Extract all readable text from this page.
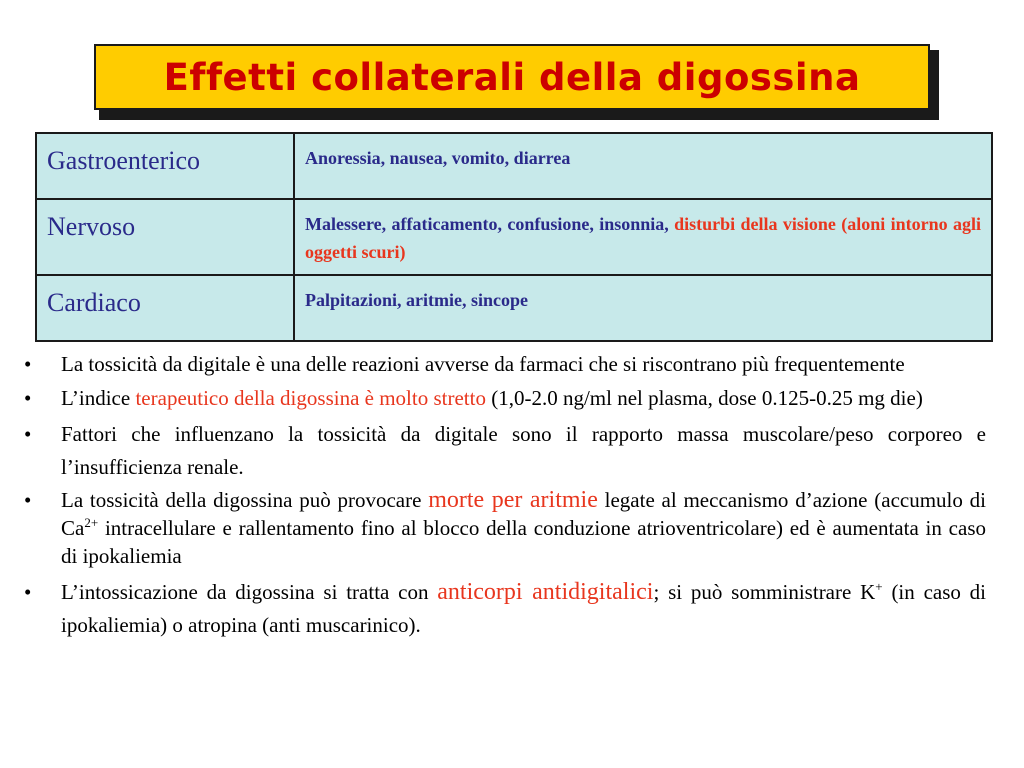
Effetti collaterali della digossina
Gastroenterico	Anoressia, nausea, vomito, diarrea
Nervoso	Malessere, affaticamento, confusione, insonnia, disturbi della visione (aloni intorno agli oggetti scuri)
Cardiaco	Palpitazioni, aritmie, sincope
• La tossicità da digitale è una delle reazioni avverse da farmaci che si riscontrano più frequentemente
• L’indice terapeutico della digossina è molto stretto (1,0-2.0 ng/ml nel plasma, dose 0.125-0.25 mg die)
• Fattori che influenzano la tossicità da digitale sono il rapporto massa muscolare/peso corporeo e l’insufficienza renale.
• La tossicità della digossina può provocare morte per aritmie legate al meccanismo d’azione (accumulo di $Ca^{2+}$ intracellulare e rallentamento fino al blocco della conduzione atrioventricolare) ed è aumentata in caso di ipokaliemia
• L’intossicazione da digossina si tratta con anticorpi antidigitalici; si può somministrare K+ (in caso di ipokaliemia) o atropina (anti muscarinico).
